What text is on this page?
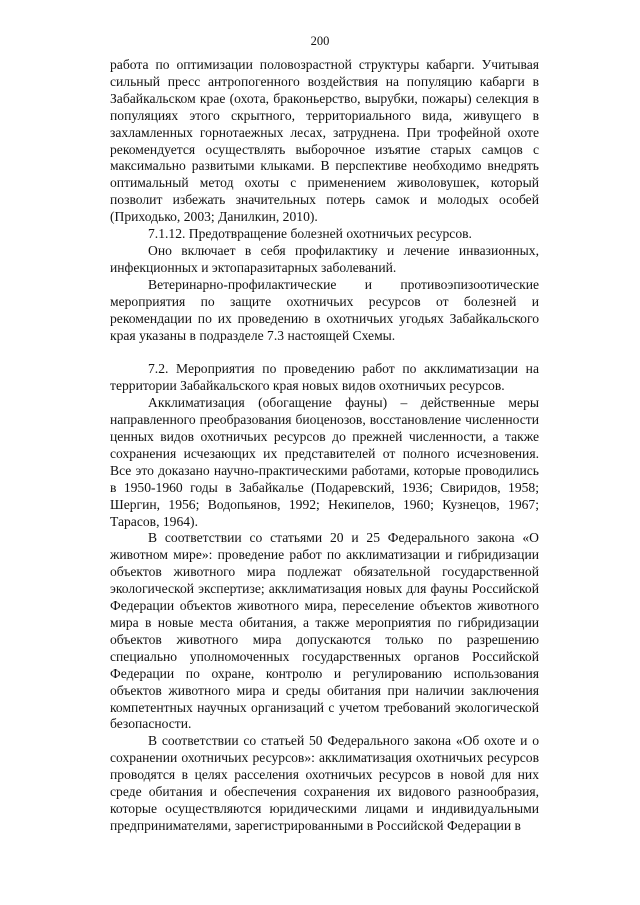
200

работа по оптимизации половозрастной структуры кабарги. Учитывая сильный пресс антропогенного воздействия на популяцию кабарги в Забайкальском крае (охота, браконьерство, вырубки, пожары) селекция в популяциях этого скрытного, территориального вида, живущего в захламленных горнотаежных лесах, затруднена. При трофейной охоте рекомендуется осуществлять выборочное изъятие старых самцов с максимально развитыми клыками. В перспективе необходимо внедрять оптимальный метод охоты с применением живоловушек, который позволит избежать значительных потерь самок и молодых особей (Приходько, 2003; Данилкин, 2010).

7.1.12. Предотвращение болезней охотничьих ресурсов.

Оно включает в себя профилактику и лечение инвазионных, инфекционных и эктопаразитарных заболеваний.

Ветеринарно-профилактические и противоэпизоотические мероприятия по защите охотничьих ресурсов от болезней и рекомендации по их проведению в охотничьих угодьях Забайкальского края указаны в подразделе 7.3 настоящей Схемы.

7.2. Мероприятия по проведению работ по акклиматизации на территории Забайкальского края новых видов охотничьих ресурсов.

Акклиматизация (обогащение фауны) – действенные меры направленного преобразования биоценозов, восстановление численности ценных видов охотничьих ресурсов до прежней численности, а также сохранения исчезающих их представителей от полного исчезновения. Все это доказано научно-практическими работами, которые проводились в 1950-1960 годы в Забайкалье (Подаревский, 1936; Свиридов, 1958; Шергин, 1956; Водопьянов, 1992; Некипелов, 1960; Кузнецов, 1967; Тарасов, 1964).

В соответствии со статьями 20 и 25 Федерального закона «О животном мире»: проведение работ по акклиматизации и гибридизации объектов животного мира подлежат обязательной государственной экологической экспертизе; акклиматизация новых для фауны Российской Федерации объектов животного мира, переселение объектов животного мира в новые места обитания, а также мероприятия по гибридизации объектов животного мира допускаются только по разрешению специально уполномоченных государственных органов Российской Федерации по охране, контролю и регулированию использования объектов животного мира и среды обитания при наличии заключения компетентных научных организаций с учетом требований экологической безопасности.

В соответствии со статьей 50 Федерального закона «Об охоте и о сохранении охотничьих ресурсов»: акклиматизация охотничьих ресурсов проводятся в целях расселения охотничьих ресурсов в новой для них среде обитания и обеспечения сохранения их видового разнообразия, которые осуществляются юридическими лицами и индивидуальными предпринимателями, зарегистрированными в Российской Федерации в
